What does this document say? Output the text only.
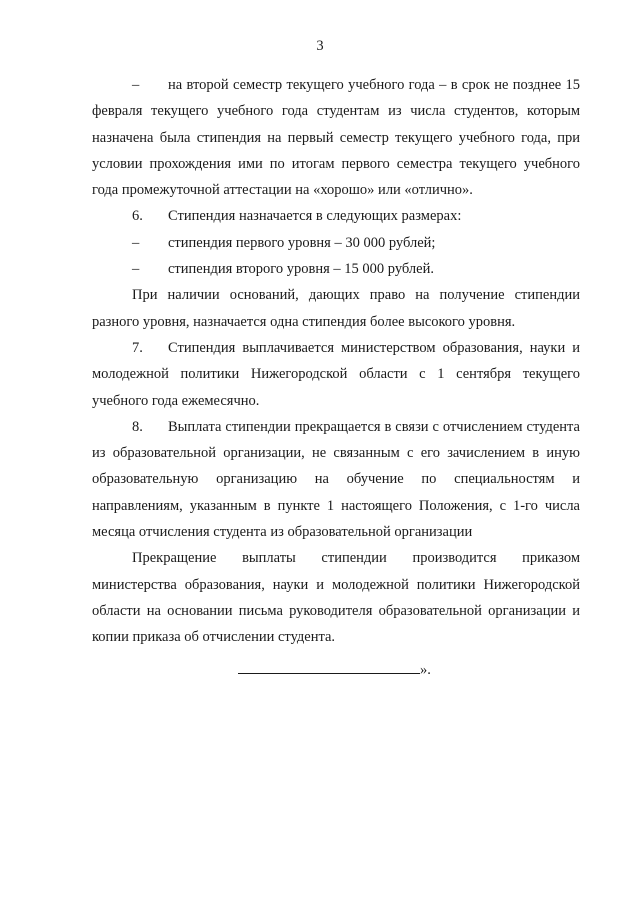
3

– на второй семестр текущего учебного года – в срок не позднее 15 февраля текущего учебного года студентам из числа студентов, которым назначена была стипендия на первый семестр текущего учебного года, при условии прохождения ими по итогам первого семестра текущего учебного года промежуточной аттестации на «хорошо» или «отлично».

6. Стипендия назначается в следующих размерах:

– стипендия первого уровня – 30 000 рублей;

– стипендия второго уровня – 15 000 рублей.

При наличии оснований, дающих право на получение стипендии разного уровня, назначается одна стипендия более высокого уровня.

7. Стипендия выплачивается министерством образования, науки и молодежной политики Нижегородской области с 1 сентября текущего учебного года ежемесячно.

8. Выплата стипендии прекращается в связи с отчислением студента из образовательной организации, не связанным с его зачислением в иную образовательную организацию на обучение по специальностям и направлениям, указанным в пункте 1 настоящего Положения, с 1-го числа месяца отчисления студента из образовательной организации

Прекращение выплаты стипендии производится приказом министерства образования, науки и молодежной политики Нижегородской области на основании письма руководителя образовательной организации и копии приказа об отчислении студента.

».
